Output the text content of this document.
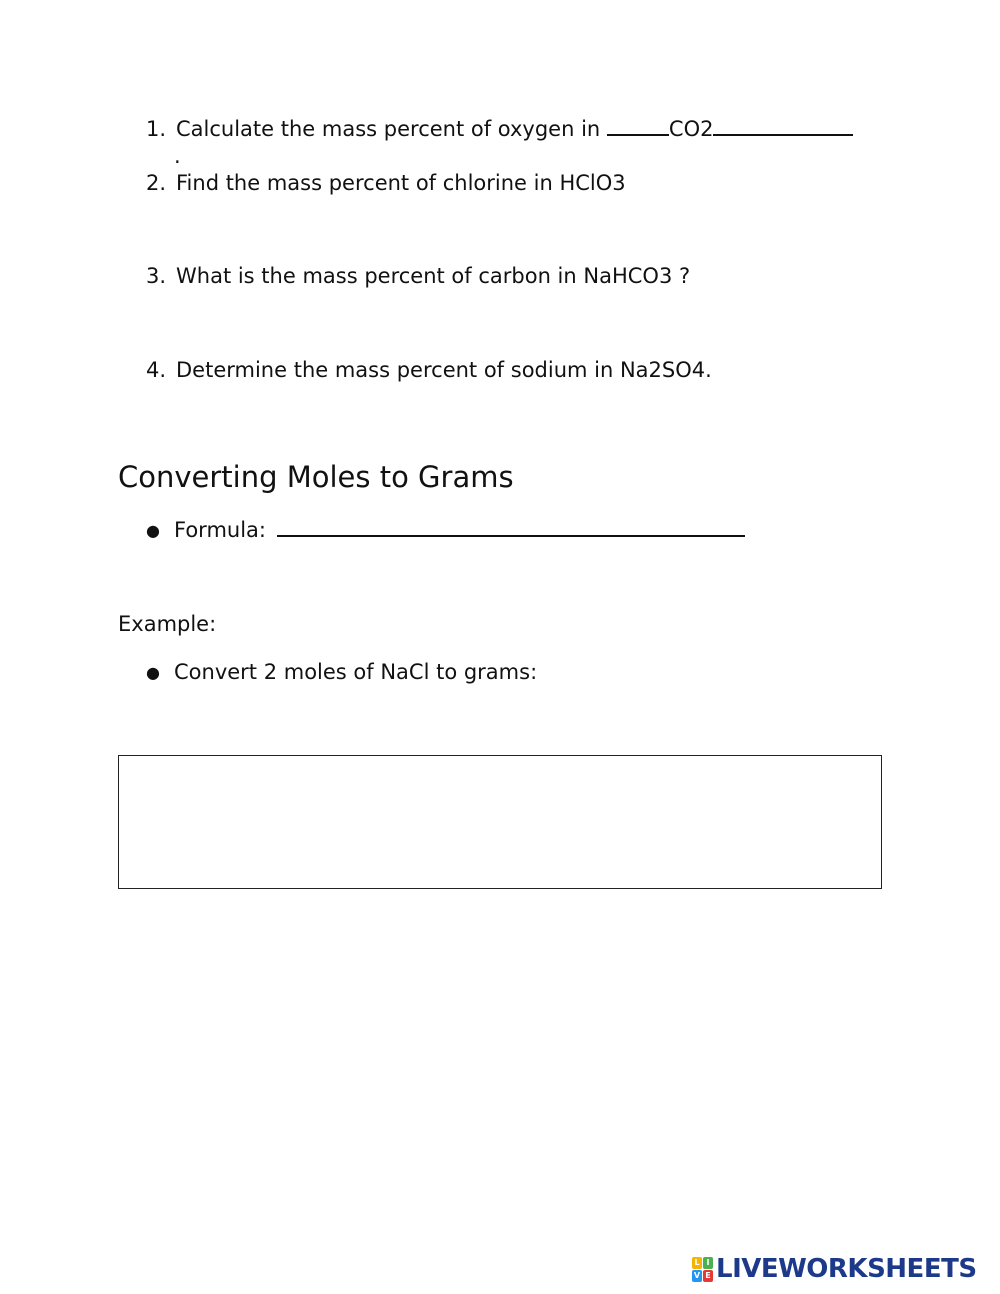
1. Calculate the mass percent of oxygen in	CO2
.
2. Find the mass percent of chlorine in HClO3
3. What is the mass percent of carbon in NaHCO3 ?
4. Determine the mass percent of sodium in Na2SO4.
Converting Moles to Grams
● Formula:
Example:
● Convert 2 moles of NaCl to grams:
L I
V E LIVEWORKSHEETS
